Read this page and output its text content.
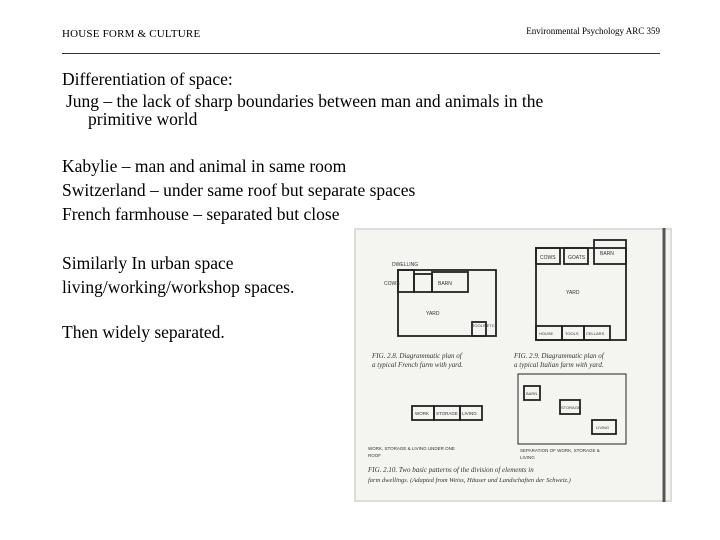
HOUSE FORM & CULTURE	Environmental Psychology ARC 359
Differentiation of space:
Jung – the lack of sharp boundaries between man and animals in the
primitive world
Kabylie – man and animal in same room
Switzerland – under same roof but separate spaces
French farmhouse – separated but close
Similarly In urban space
living/working/workshop spaces.
Then widely separated.
DWELLING
COWS	BARN
YARD
TOOLS ETC.
FIG. 2.8. Diagrammatic plan of
a typical French farm with yard.
COWS GOATS
BARN
YARD
HOUSE	TOOLS CELLARS
FIG. 2.9. Diagrammatic plan of
a typical Italian farm with yard.
WORK STORAGE LIVING
BARN
STORAGE
LIVING
WORK, STORAGE & LIVING UNDER ONE
ROOF
SEPARATION OF WORK, STORAGE &
LIVING
FIG. 2.10. Two basic patterns of the division of elements in
farm dwellings. (Adapted from Weiss, Häuser und Landschaften der Schweiz.)
